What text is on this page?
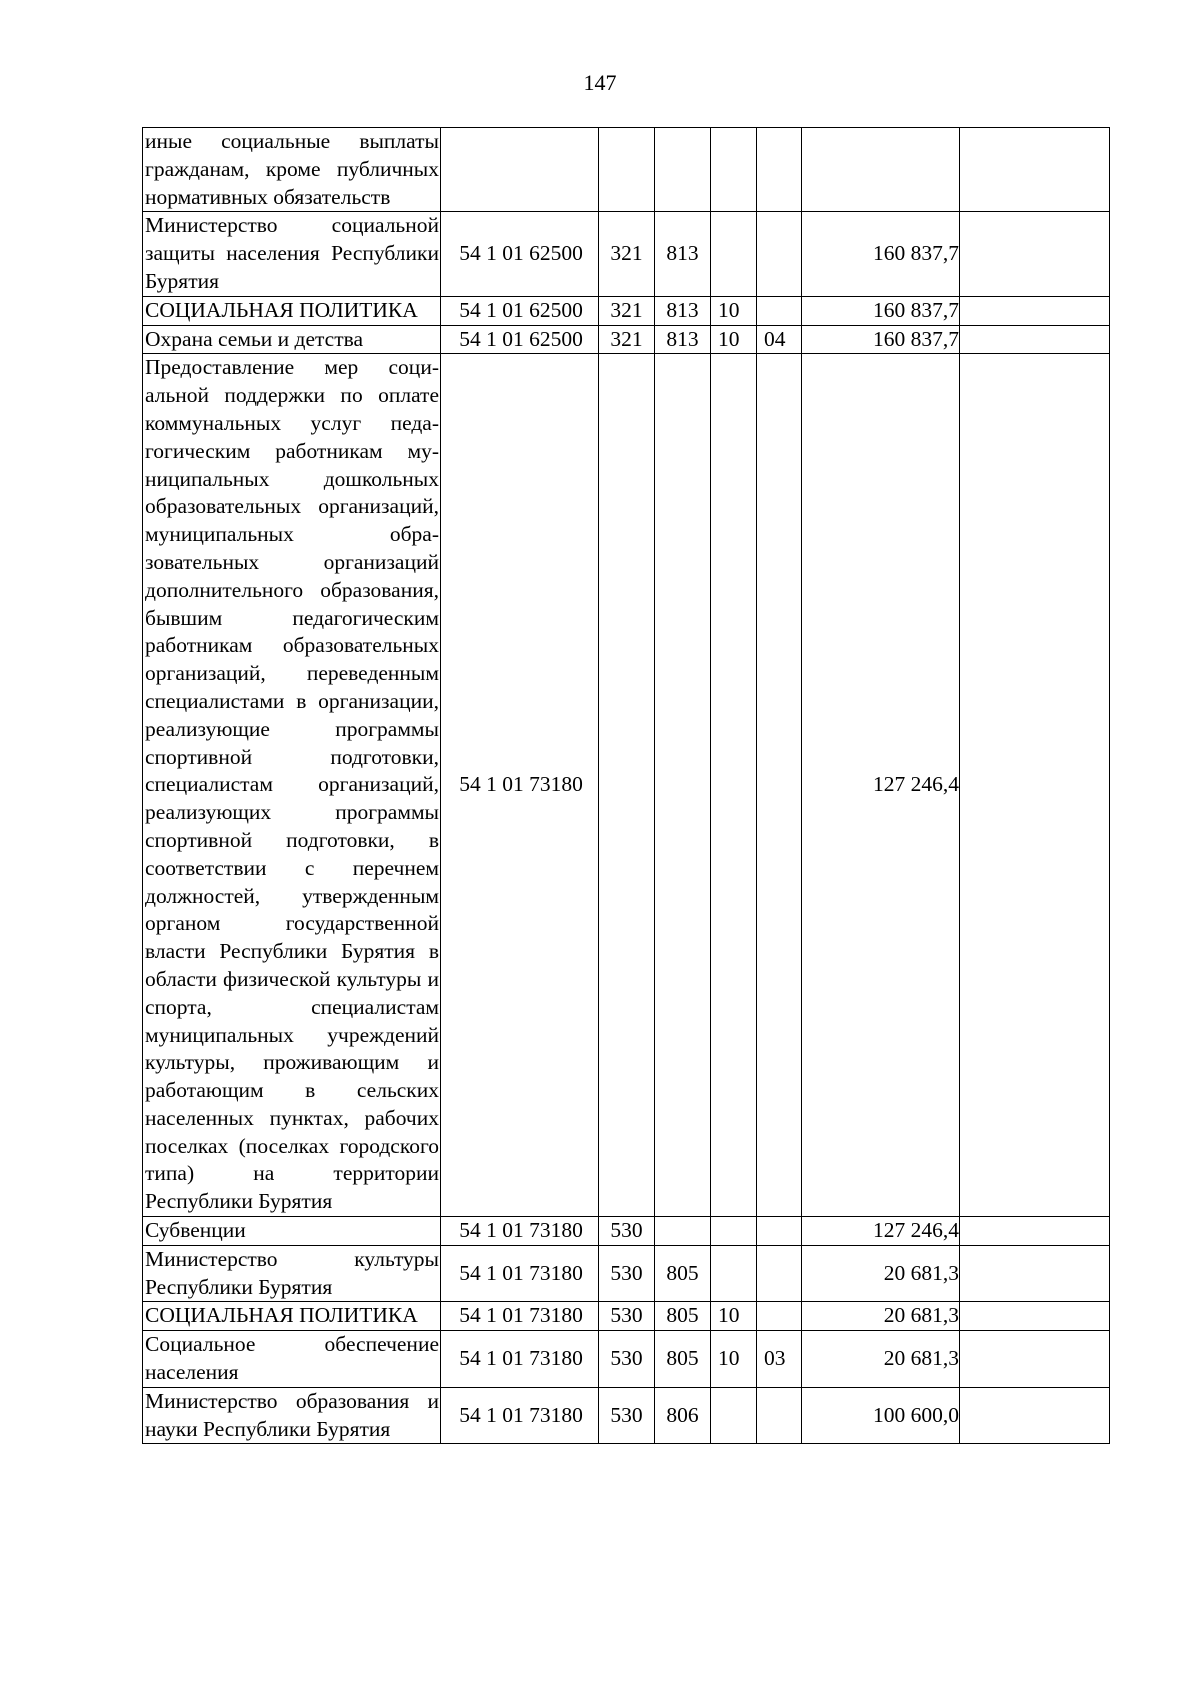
147
иные социальные выплаты гражданам, кроме публичных нормативных обязательств							
Министерство социальной защиты населения Республики Бурятия	54 1 01 62500	321	813			160 837,7	
СОЦИАЛЬНАЯ ПОЛИТИКА	54 1 01 62500	321	813	10		160 837,7	
Охрана семьи и детства	54 1 01 62500	321	813	10	04	160 837,7	
Предоставление мер социальной поддержки по оплате коммунальных услуг педагогическим работникам муниципальных дошкольных образовательных организаций, муниципальных образовательных организаций дополнительного образования, бывшим педагогическим работникам образовательных организаций, переведенным специалистами в организации, реализующие программы спортивной подготовки, специалистам организаций, реализующих программы спортивной подготовки, в соответствии с перечнем должностей, утвержденным органом государственной власти Республики Бурятия в области физической культуры и спорта, специалистам муниципальных учреждений культуры, проживающим и работающим в сельских населенных пунктах, рабочих поселках (поселках городского типа) на территории Республики Бурятия	54 1 01 73180					127 246,4	
Субвенции	54 1 01 73180	530				127 246,4	
Министерство культуры Республики Бурятия	54 1 01 73180	530	805			20 681,3	
СОЦИАЛЬНАЯ ПОЛИТИКА	54 1 01 73180	530	805	10		20 681,3	
Социальное обеспечение населения	54 1 01 73180	530	805	10	03	20 681,3	
Министерство образования и науки Республики Бурятия	54 1 01 73180	530	806			100 600,0	
